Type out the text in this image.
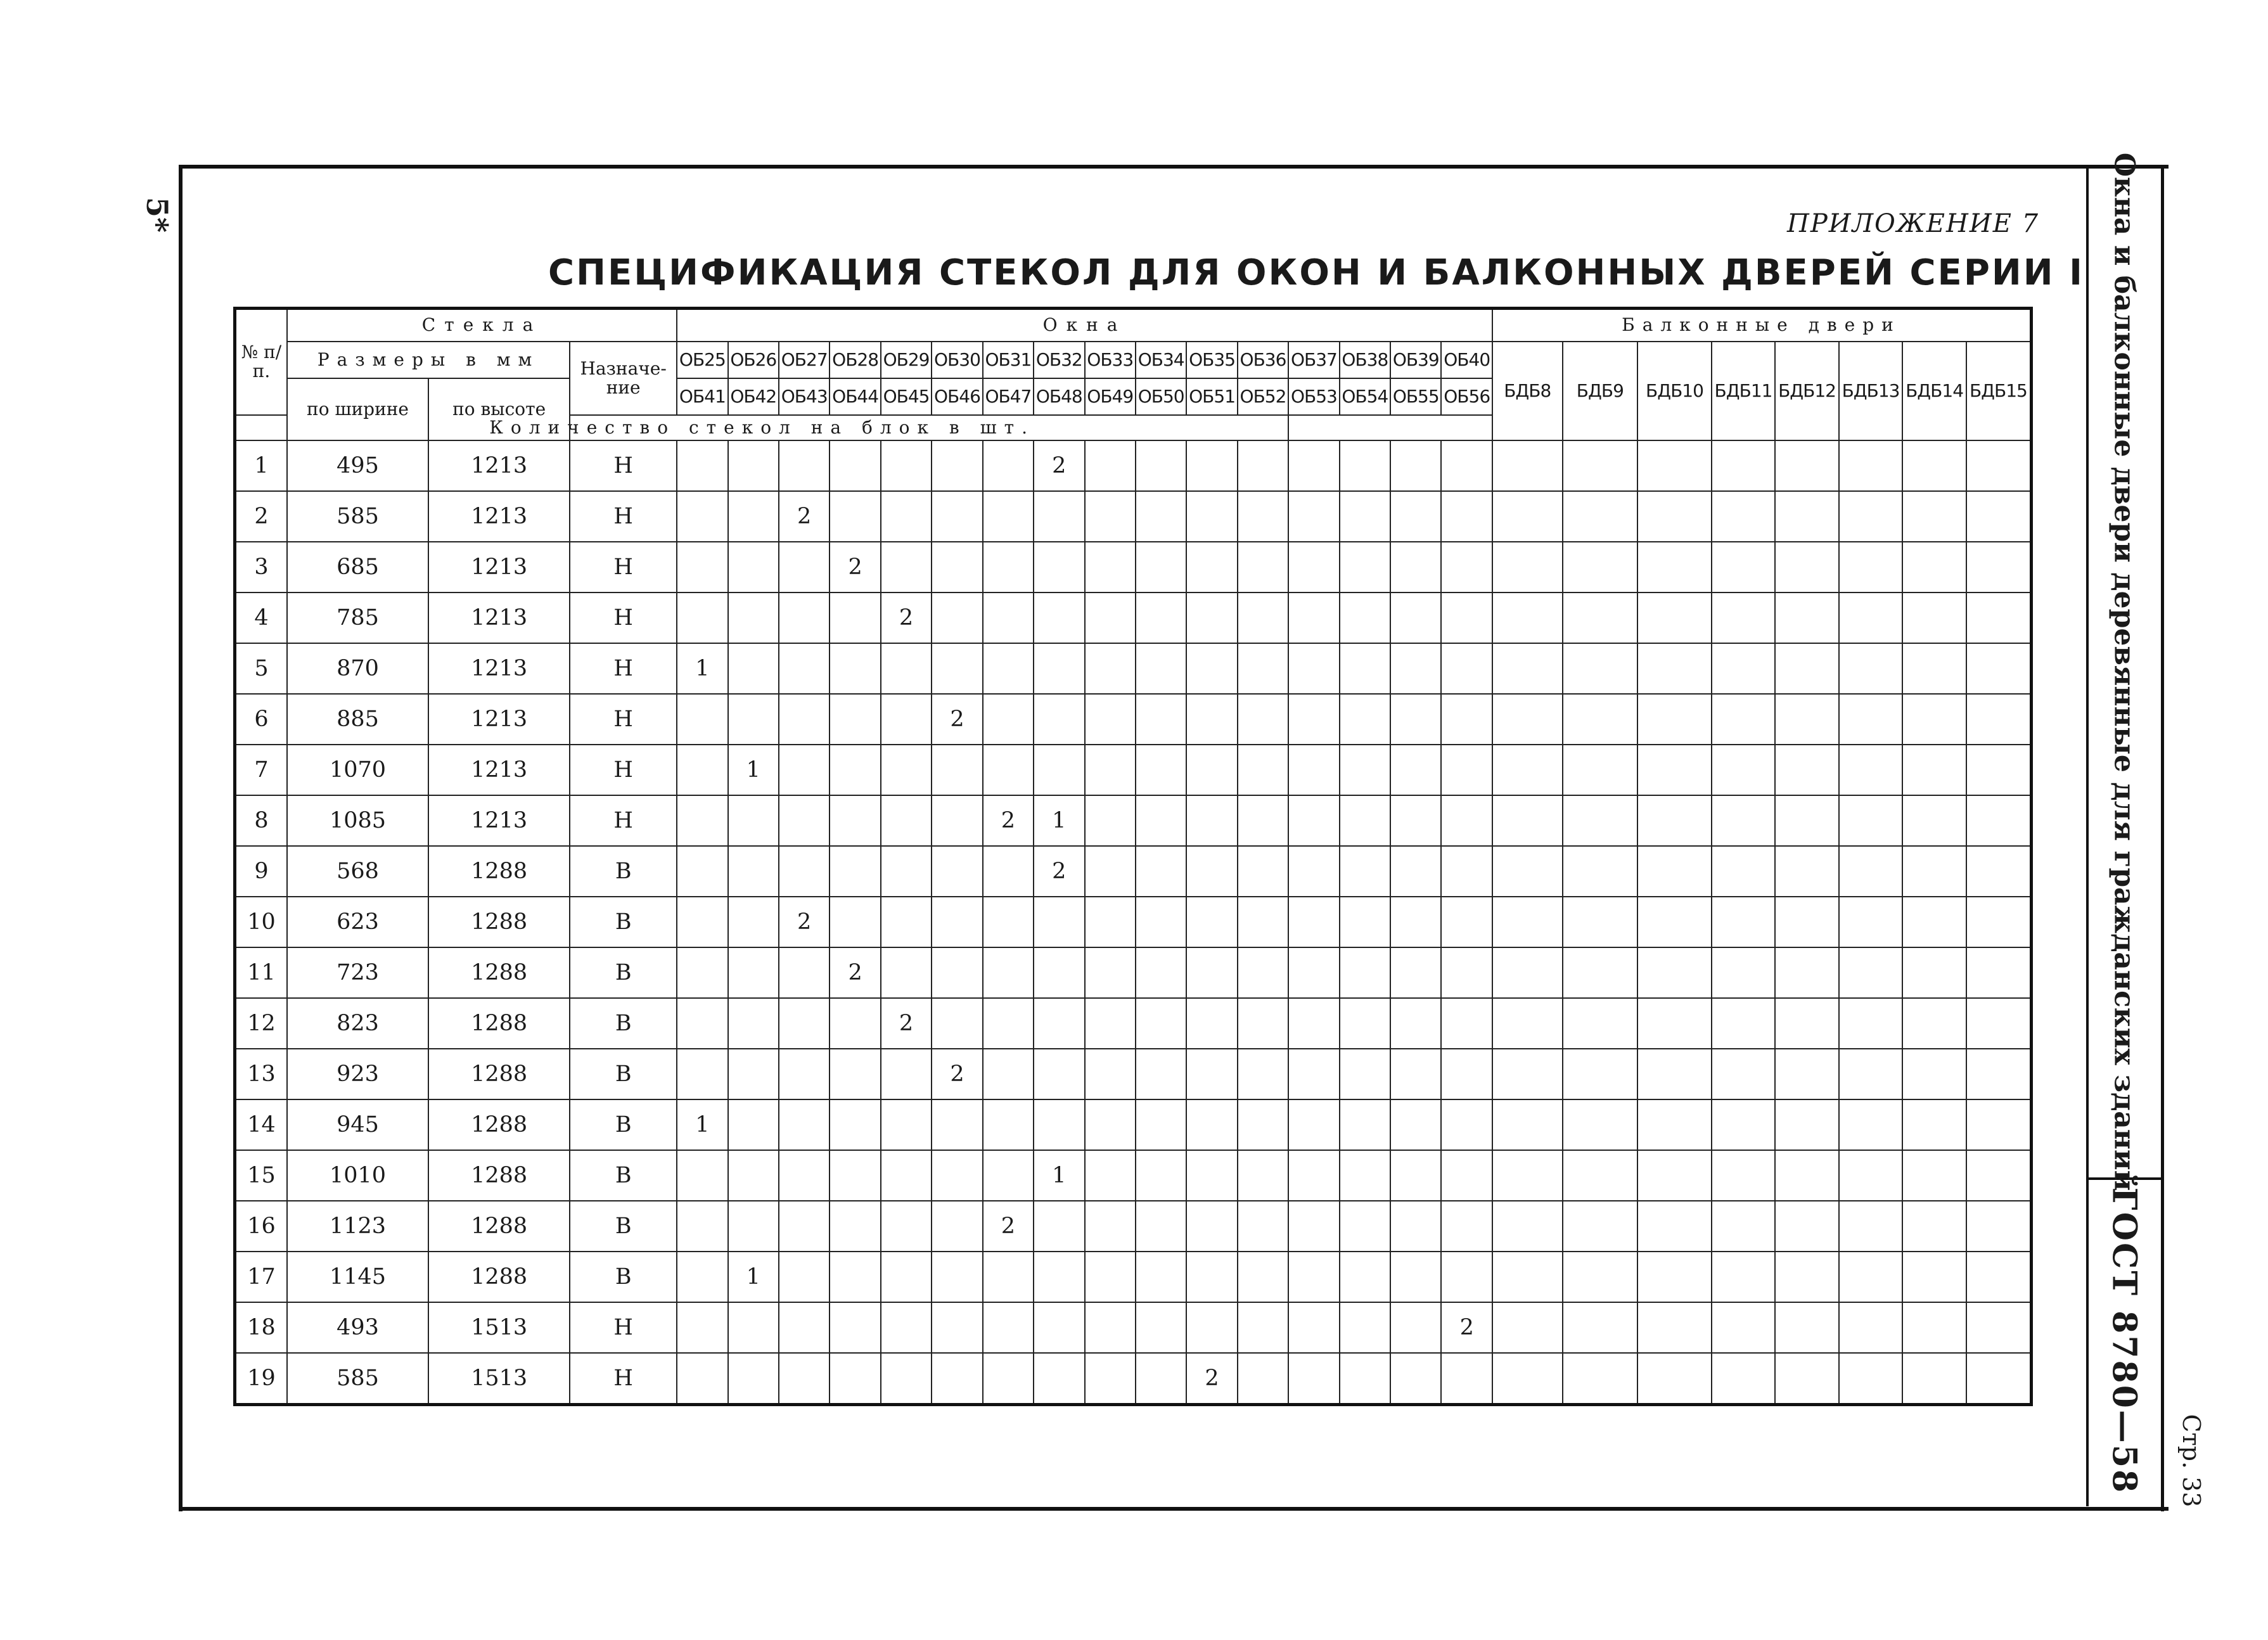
5*	ПРИЛОЖЕНИЕ 7
СПЕЦИФИКАЦИЯ СТЕКОЛ ДЛЯ ОКОН И БАЛКОННЫХ ДВЕРЕЙ СЕРИИ I Окна и балконные двери деревянные для гражданских зданий
ГОСТ 8780—58 Стр. 33
№ п/п.	Стекла			Окна																Балконные двери							
	Размеры в мм		Назначе-ние	ОБ25	ОБ26	ОБ27	ОБ28	ОБ29	ОБ30	ОБ31	ОБ32	ОБ33	ОБ34	ОБ35	ОБ36	ОБ37	ОБ38	ОБ39	ОБ40	БДБ8	БДБ9	БДБ10	БДБ11	БДБ12	БДБ13	БДБ14	БДБ15
	по ширине	по высоте		ОБ41	ОБ42	ОБ43	ОБ44	ОБ45	ОБ46	ОБ47	ОБ48	ОБ49	ОБ50	ОБ51	ОБ52	ОБ53	ОБ54	ОБ55	ОБ56								
Количество стекол на блок в шт.																											
1	495	1213	Н								2																
2	585	1213	Н			2																					
3	685	1213	Н				2																				
4	785	1213	Н					2																			
5	870	1213	Н	1																							
6	885	1213	Н						2																		
7	1070	1213	Н		1																						
8	1085	1213	Н							2	1																
9	568	1288	В								2																
10	623	1288	В			2																					
11	723	1288	В				2																				
12	823	1288	В					2																			
13	923	1288	В						2																		
14	945	1288	В	1																							
15	1010	1288	В								1																
16	1123	1288	В							2																	
17	1145	1288	В		1																						
18	493	1513	Н																2								
19	585	1513	Н											2													
